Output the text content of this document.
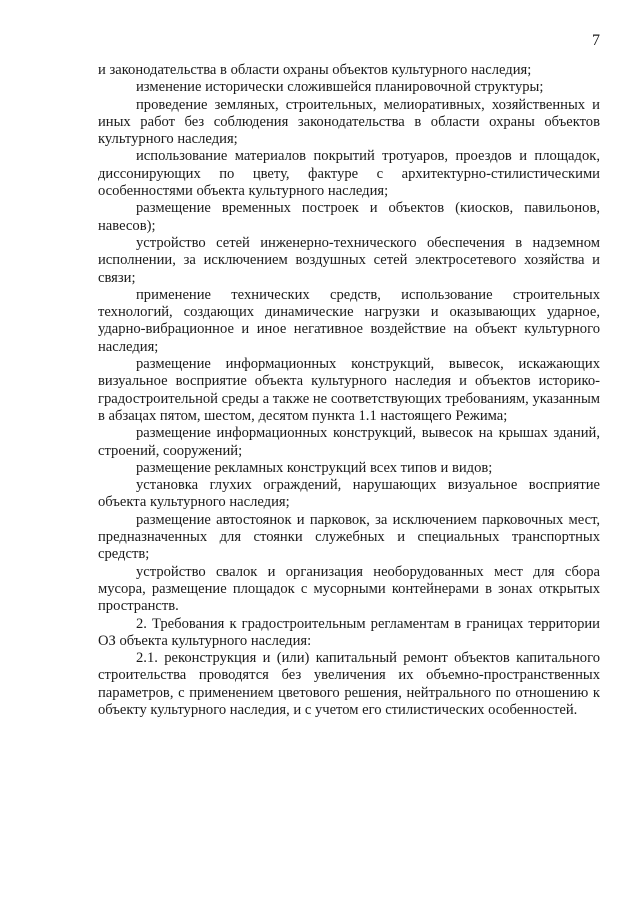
7

и законодательства в области охраны объектов культурного наследия;

изменение исторически сложившейся планировочной структуры;

проведение земляных, строительных, мелиоративных, хозяйственных и иных работ без соблюдения законодательства в области охраны объектов культурного наследия;

использование материалов покрытий тротуаров, проездов и площадок, диссонирующих по цвету, фактуре с архитектурно-стилистическими особенностями объекта культурного наследия;

размещение временных построек и объектов (киосков, павильонов, навесов);

устройство сетей инженерно-технического обеспечения в надземном исполнении, за исключением воздушных сетей электросетевого хозяйства и связи;

применение технических средств, использование строительных технологий, создающих динамические нагрузки и оказывающих ударное, ударно-вибрационное и иное негативное воздействие на объект культурного наследия;

размещение информационных конструкций, вывесок, искажающих визуальное восприятие объекта культурного наследия и объектов историко-градостроительной среды а также не соответствующих требованиям, указанным в абзацах пятом, шестом, десятом пункта 1.1 настоящего Режима;

размещение информационных конструкций, вывесок на крышах зданий, строений, сооружений;

размещение рекламных конструкций всех типов и видов;

установка глухих ограждений, нарушающих визуальное восприятие объекта культурного наследия;

размещение автостоянок и парковок, за исключением парковочных мест, предназначенных для стоянки служебных и специальных транспортных средств;

устройство свалок и организация необорудованных мест для сбора мусора, размещение площадок с мусорными контейнерами в зонах открытых пространств.

2. Требования к градостроительным регламентам в границах территории ОЗ объекта культурного наследия:

2.1. реконструкция и (или) капитальный ремонт объектов капитального строительства проводятся без увеличения их объемно-пространственных параметров, с применением цветового решения, нейтрального по отношению к объекту культурного наследия, и с учетом его стилистических особенностей.
